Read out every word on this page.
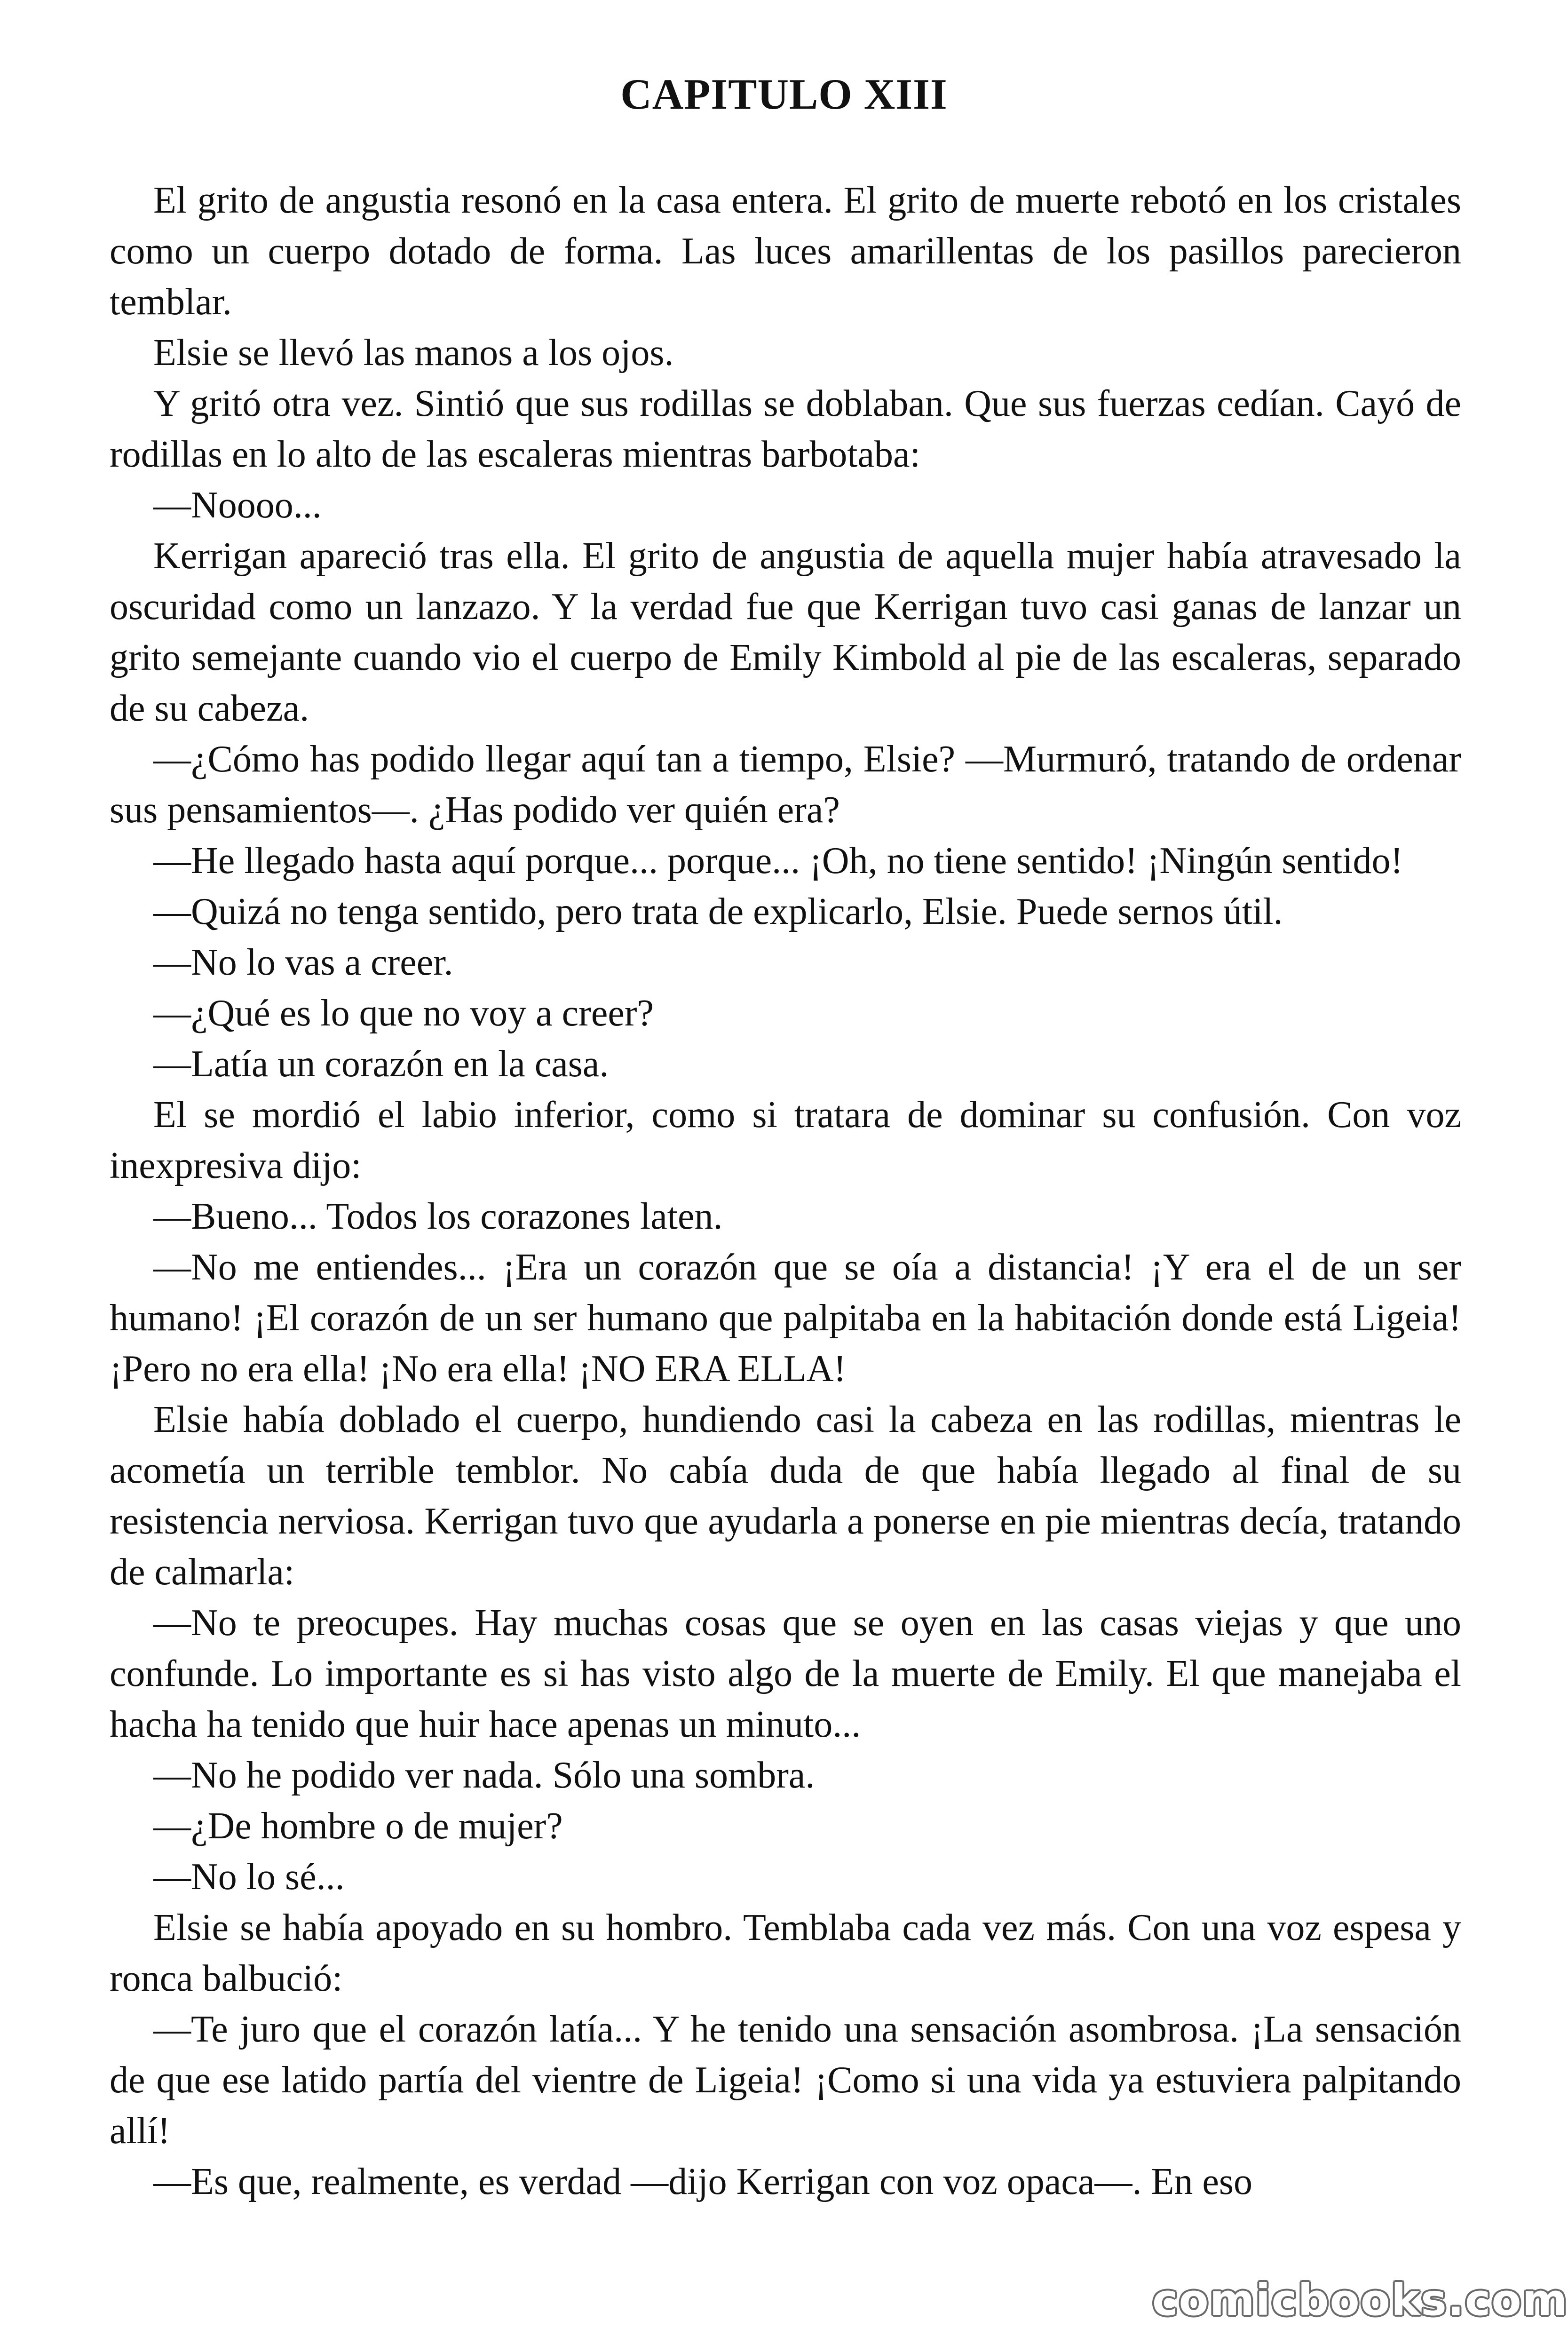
CAPITULO XIII

El grito de angustia resonó en la casa entera. El grito de muerte rebotó en los cristales como un cuerpo dotado de forma. Las luces amarillentas de los pasillos parecieron temblar.

Elsie se llevó las manos a los ojos.

Y gritó otra vez. Sintió que sus rodillas se doblaban. Que sus fuerzas cedían. Cayó de rodillas en lo alto de las escaleras mientras barbotaba:

—Noooo...

Kerrigan apareció tras ella. El grito de angustia de aquella mujer había atravesado la oscuridad como un lanzazo. Y la verdad fue que Kerrigan tuvo casi ganas de lanzar un grito semejante cuando vio el cuerpo de Emily Kimbold al pie de las escaleras, separado de su cabeza.

—¿Cómo has podido llegar aquí tan a tiempo, Elsie? —Murmuró, tratando de ordenar sus pensamientos—. ¿Has podido ver quién era?

—He llegado hasta aquí porque... porque... ¡Oh, no tiene sentido! ¡Ningún sentido!

—Quizá no tenga sentido, pero trata de explicarlo, Elsie. Puede sernos útil.

—No lo vas a creer.

—¿Qué es lo que no voy a creer?

—Latía un corazón en la casa.

El se mordió el labio inferior, como si tratara de dominar su confusión. Con voz inexpresiva dijo:

—Bueno... Todos los corazones laten.

—No me entiendes... ¡Era un corazón que se oía a distancia! ¡Y era el de un ser humano! ¡El corazón de un ser humano que palpitaba en la habitación donde está Ligeia! ¡Pero no era ella! ¡No era ella! ¡NO ERA ELLA!

Elsie había doblado el cuerpo, hundiendo casi la cabeza en las rodillas, mientras le acometía un terrible temblor. No cabía duda de que había llegado al final de su resistencia nerviosa. Kerrigan tuvo que ayudarla a ponerse en pie mientras decía, tratando de calmarla:

—No te preocupes. Hay muchas cosas que se oyen en las casas viejas y que uno confunde. Lo importante es si has visto algo de la muerte de Emily. El que manejaba el hacha ha tenido que huir hace apenas un minuto...

—No he podido ver nada. Sólo una sombra.

—¿De hombre o de mujer?

—No lo sé...

Elsie se había apoyado en su hombro. Temblaba cada vez más. Con una voz espesa y ronca balbució:

—Te juro que el corazón latía... Y he tenido una sensación asombrosa. ¡La sensación de que ese latido partía del vientre de Ligeia! ¡Como si una vida ya estuviera palpitando allí!

—Es que, realmente, es verdad —dijo Kerrigan con voz opaca—. En eso

comicbooks.com
